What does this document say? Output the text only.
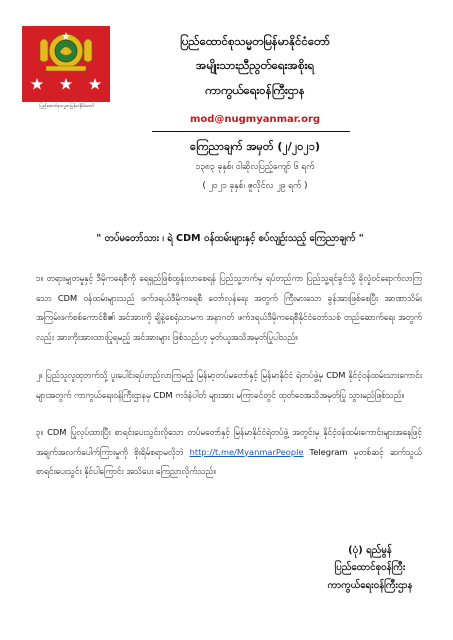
ပြည်ထောင်စုသမ္မတမြန်မာနိုင်ငံတော်
ပြည်ထောင်စုသမ္မတမြန်မာနိုင်ငံတော်
အမျိုးသားညီညွတ်ရေးအစိုးရ
ကာကွယ်ရေးဝန်ကြီးဌာန
mod@nugmyanmar.org
ကြေညာချက် အမှတ် (၂/၂၀၂၁)
၁၃၈၃ ခုနှစ်၊ ဝါဆိုလပြည့်ကျော် ၆ ရက်
( ၂၀၂၁ ခုနှစ်၊ ဇူလိုင်လ ၂၉ ရက် )
" တပ်မတော်သား ၊ ရဲ CDM ဝန်ထမ်းများနှင့် စပ်လျဉ်းသည့် ကြေညာချက် "

၁။ တရားမျှတမှုနှင့် ဒီမိုကရေစီကို ရေရှည်ဖြစ်ထွန်းလာစေရန် ပြည်သူ့ဘက်မှ ရပ်တည်ကာ ပြည်သူ့ရင်ခွင်သို့ ခိုလှုံဝင်ရောက်လာကြသော CDM ဝန်ထမ်းများသည် ဖက်ဒရယ်ဒီမိုကရေစီ တော်လှန်ရေး အတွက် ကြီးမားသော ခွန်အားဖြစ်စေပြီး အာဏာသိမ်း အကြမ်းဖက်စစ်ကောင်စီ၏ အင်အားကို ချိနဲ့စေရုံသာမက အနာဂတ် ဖက်ဒရယ်ဒီမိုကရေစီနိုင်ငံတော်သစ် တည်ဆောက်ရေး အတွက်လည်း အားကိုးအားထားပြုရမည့် အင်အားများ ဖြစ်သည်ဟု မှတ်ယူအသိအမှတ်ပြုပါသည်။

၂။ ပြည်သူလူထုဘက်သို့ ပူးပေါင်းရပ်တည်လာကြမည့် မြန်မာ့တပ်မတော်နှင့် မြန်မာနိုင်ငံ ရဲတပ်ဖွဲ့မှ CDM နိုင်ငံ့ဝန်ထမ်းသားကောင်းများအတွက် ကာကွယ်ရေးဝန်ကြီးဌာနမှ CDM ကဒ်နံပါတ် များအား မကြာခင်တွင် ထုတ်ဝေအသိအမှတ်ပြု သွားမည်ဖြစ်သည်။

၃။ CDM ပြုလုပ်ထားပြီး စာရင်းပေးသွင်းလိုသော တပ်မတော်နှင့် မြန်မာနိုင်ငံရဲတပ်ဖွဲ့ အတွင်းမှ နိုင်ငံ့ဝန်ထမ်းကောင်းများအနေဖြင့် အချက်အလက်ပေါက်ကြားမှုကို စိုးရိမ်စရာမလိုဘဲ http://t.me/MyanmarPeople Telegram မှတစ်ဆင့် ဆက်သွယ်စာရင်းပေးသွင်း နိုင်ပါကြောင်း အသိပေး ကြေညာလိုက်သည်။

(ပုံ) ရည်မွန်
ပြည်ထောင်စုဝန်ကြီး
ကာကွယ်ရေးဝန်ကြီးဌာန
